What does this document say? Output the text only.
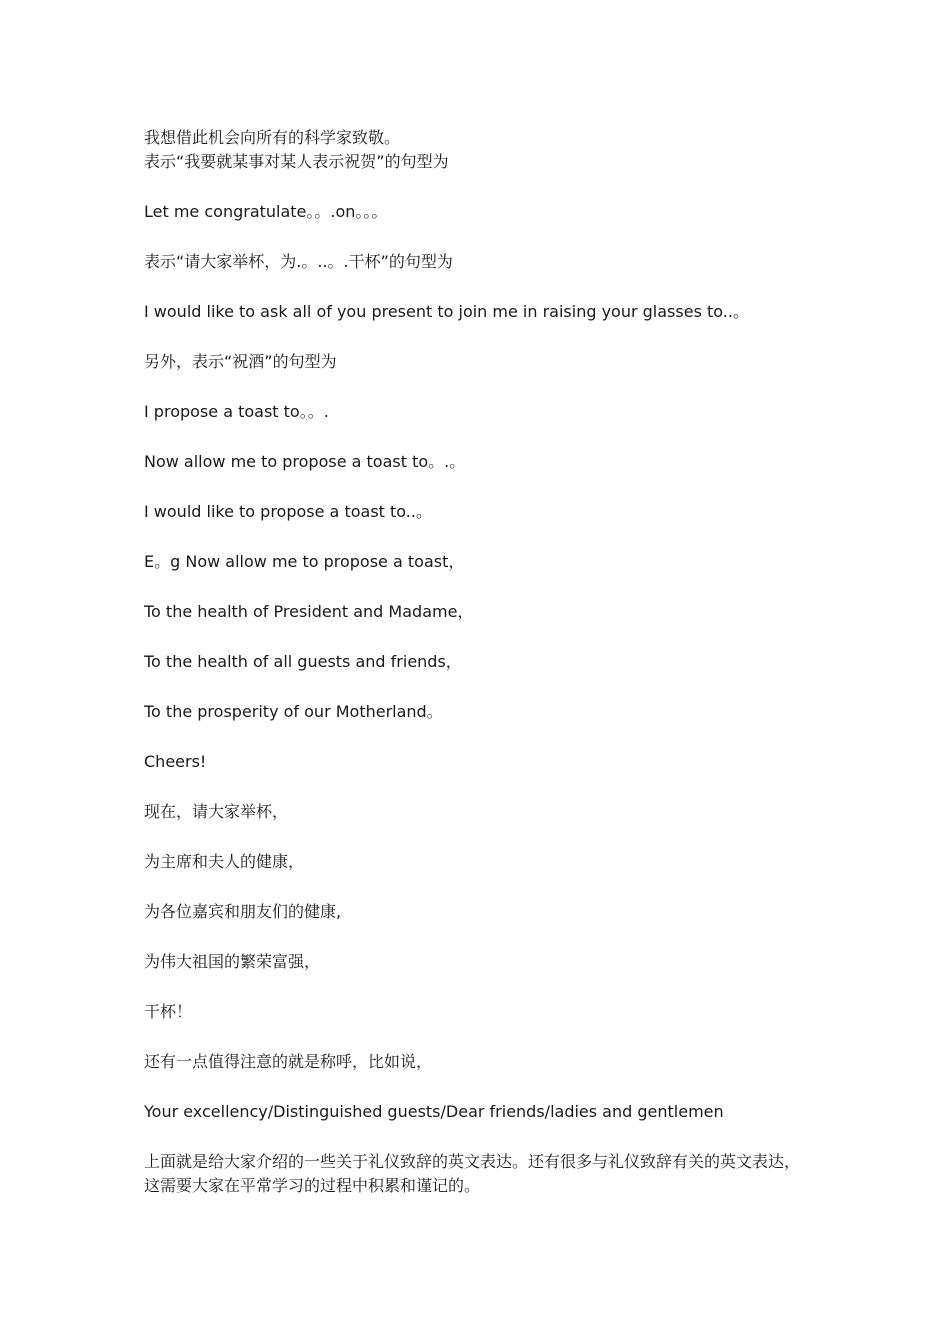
我想借此机会向所有的科学家致敬。

表示“我要就某事对某人表示祝贺”的句型为

Let me congratulate。。.on。。。

表示“请大家举杯，为.。..。.干杯”的句型为

I would like to ask all of you present to join me in raising your glasses to..。

另外，表示“祝酒”的句型为

I propose a toast to。。.

Now allow me to propose a toast to。.。

I would like to propose a toast to..。

E。g Now allow me to propose a toast，

To the health of President and Madame，

To the health of all guests and friends，

To the prosperity of our Motherland。

Cheers!

现在，请大家举杯，

为主席和夫人的健康，

为各位嘉宾和朋友们的健康,

为伟大祖国的繁荣富强，

干杯！

还有一点值得注意的就是称呼，比如说，

Your excellency/Distinguished guests/Dear friends/ladies and gentlemen

上面就是给大家介绍的一些关于礼仪致辞的英文表达。还有很多与礼仪致辞有关的英文表达，这需要大家在平常学习的过程中积累和谨记的。
